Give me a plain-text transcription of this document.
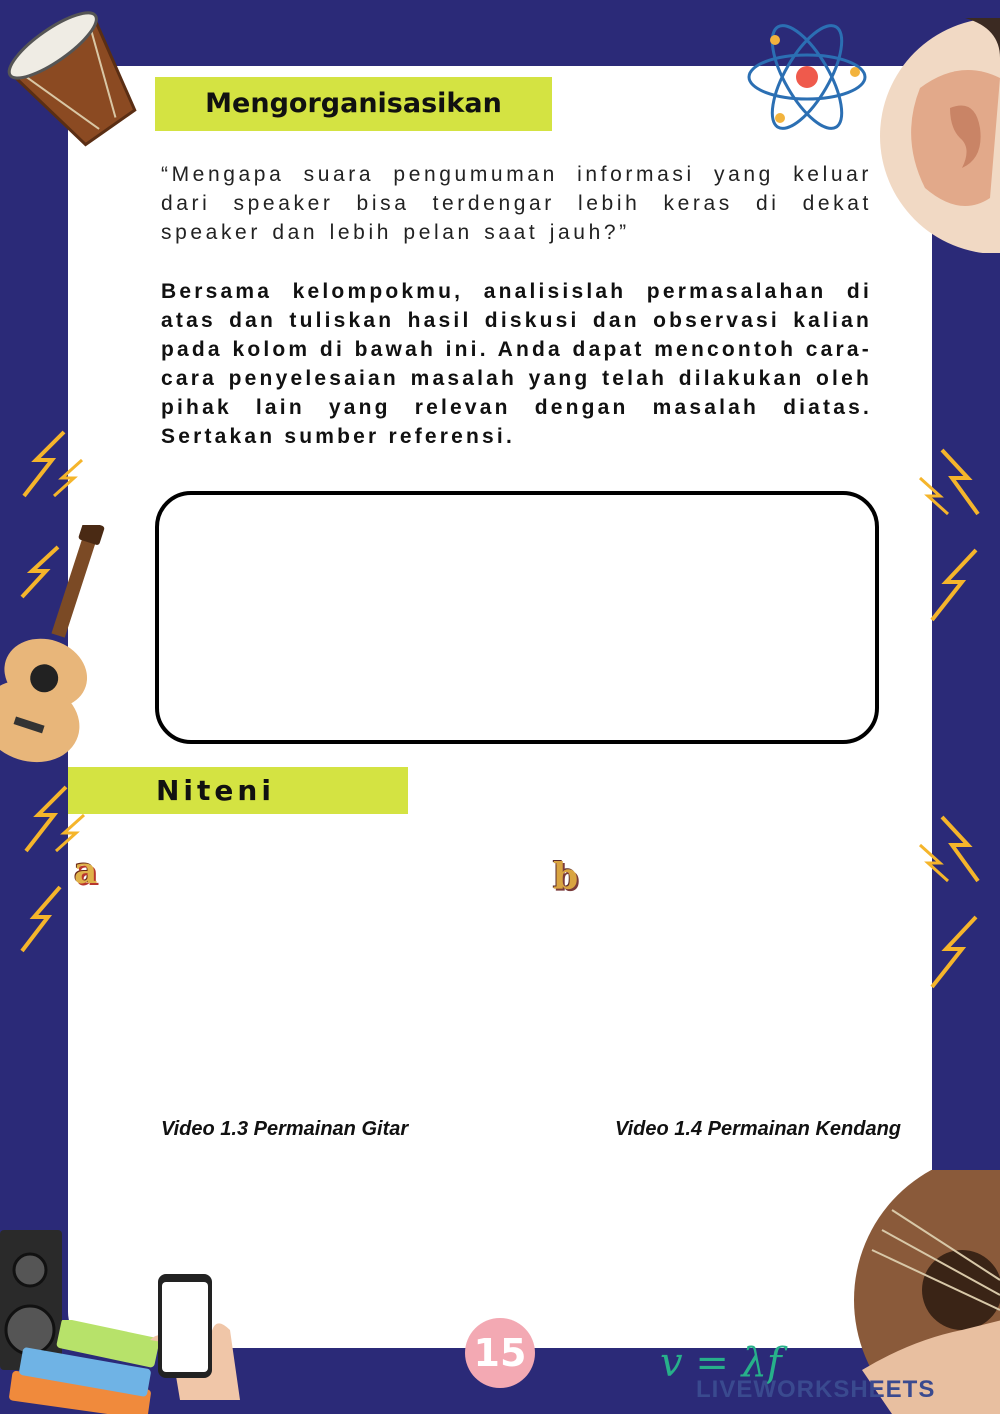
Mengorganisasikan
“Mengapa suara pengumuman informasi yang keluar dari speaker bisa terdengar lebih keras di dekat speaker dan lebih pelan saat jauh?”
Bersama kelompokmu, analisislah permasalahan di atas dan tuliskan hasil diskusi dan observasi kalian pada kolom di bawah ini. Anda dapat mencontoh cara-cara penyelesaian masalah yang telah dilakukan oleh pihak lain yang relevan dengan masalah diatas. Sertakan sumber referensi.
Niteni
a	b
Video 1.3 Permainan Gitar	Video 1.4 Permainan Kendang
15	v = λf
LIVEWORKSHEETS
